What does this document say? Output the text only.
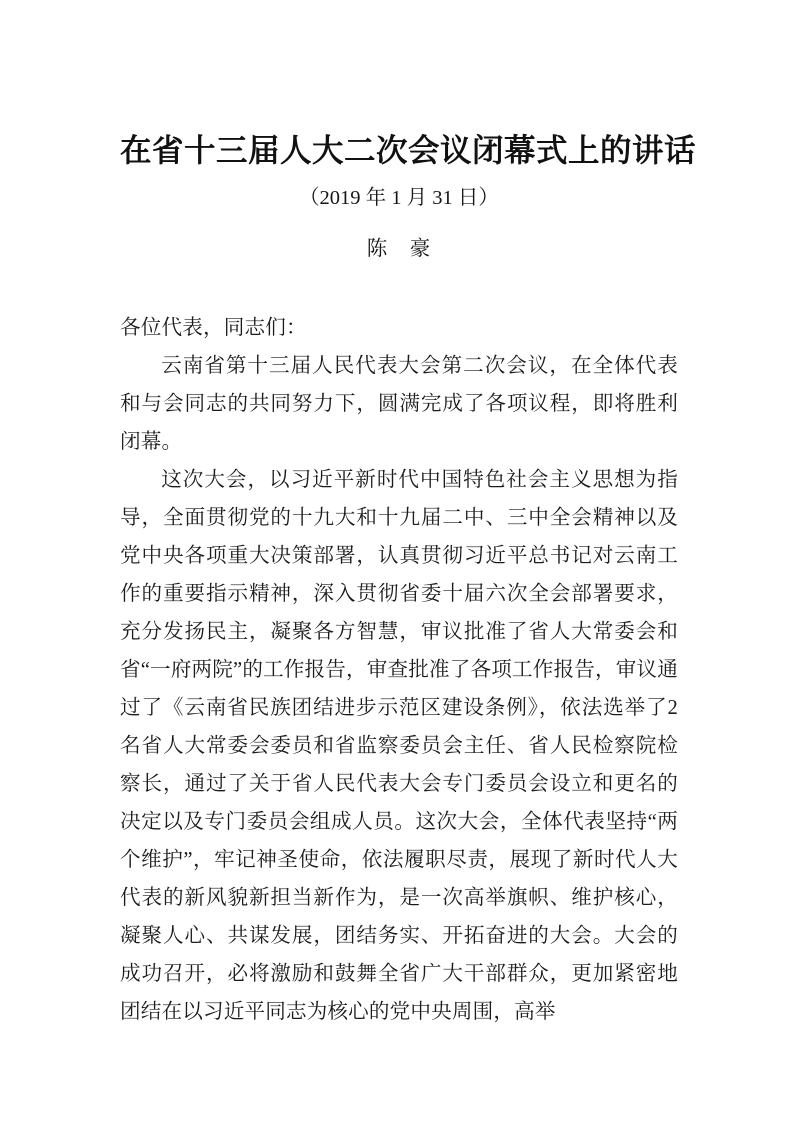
在省十三届人大二次会议闭幕式上的讲话

（2019 年 1 月 31 日）

陈　豪

各位代表，同志们：

云南省第十三届人民代表大会第二次会议，在全体代表和与会同志的共同努力下，圆满完成了各项议程，即将胜利闭幕。

这次大会，以习近平新时代中国特色社会主义思想为指导，全面贯彻党的十九大和十九届二中、三中全会精神以及党中央各项重大决策部署，认真贯彻习近平总书记对云南工作的重要指示精神，深入贯彻省委十届六次全会部署要求，充分发扬民主，凝聚各方智慧，审议批准了省人大常委会和省“一府两院”的工作报告，审查批准了各项工作报告，审议通过了《云南省民族团结进步示范区建设条例》，依法选举了2名省人大常委会委员和省监察委员会主任、省人民检察院检察长，通过了关于省人民代表大会专门委员会设立和更名的决定以及专门委员会组成人员。这次大会，全体代表坚持“两个维护”，牢记神圣使命，依法履职尽责，展现了新时代人大代表的新风貌新担当新作为，是一次高举旗帜、维护核心，凝聚人心、共谋发展，团结务实、开拓奋进的大会。大会的成功召开，必将激励和鼓舞全省广大干部群众，更加紧密地团结在以习近平同志为核心的党中央周围，高举
